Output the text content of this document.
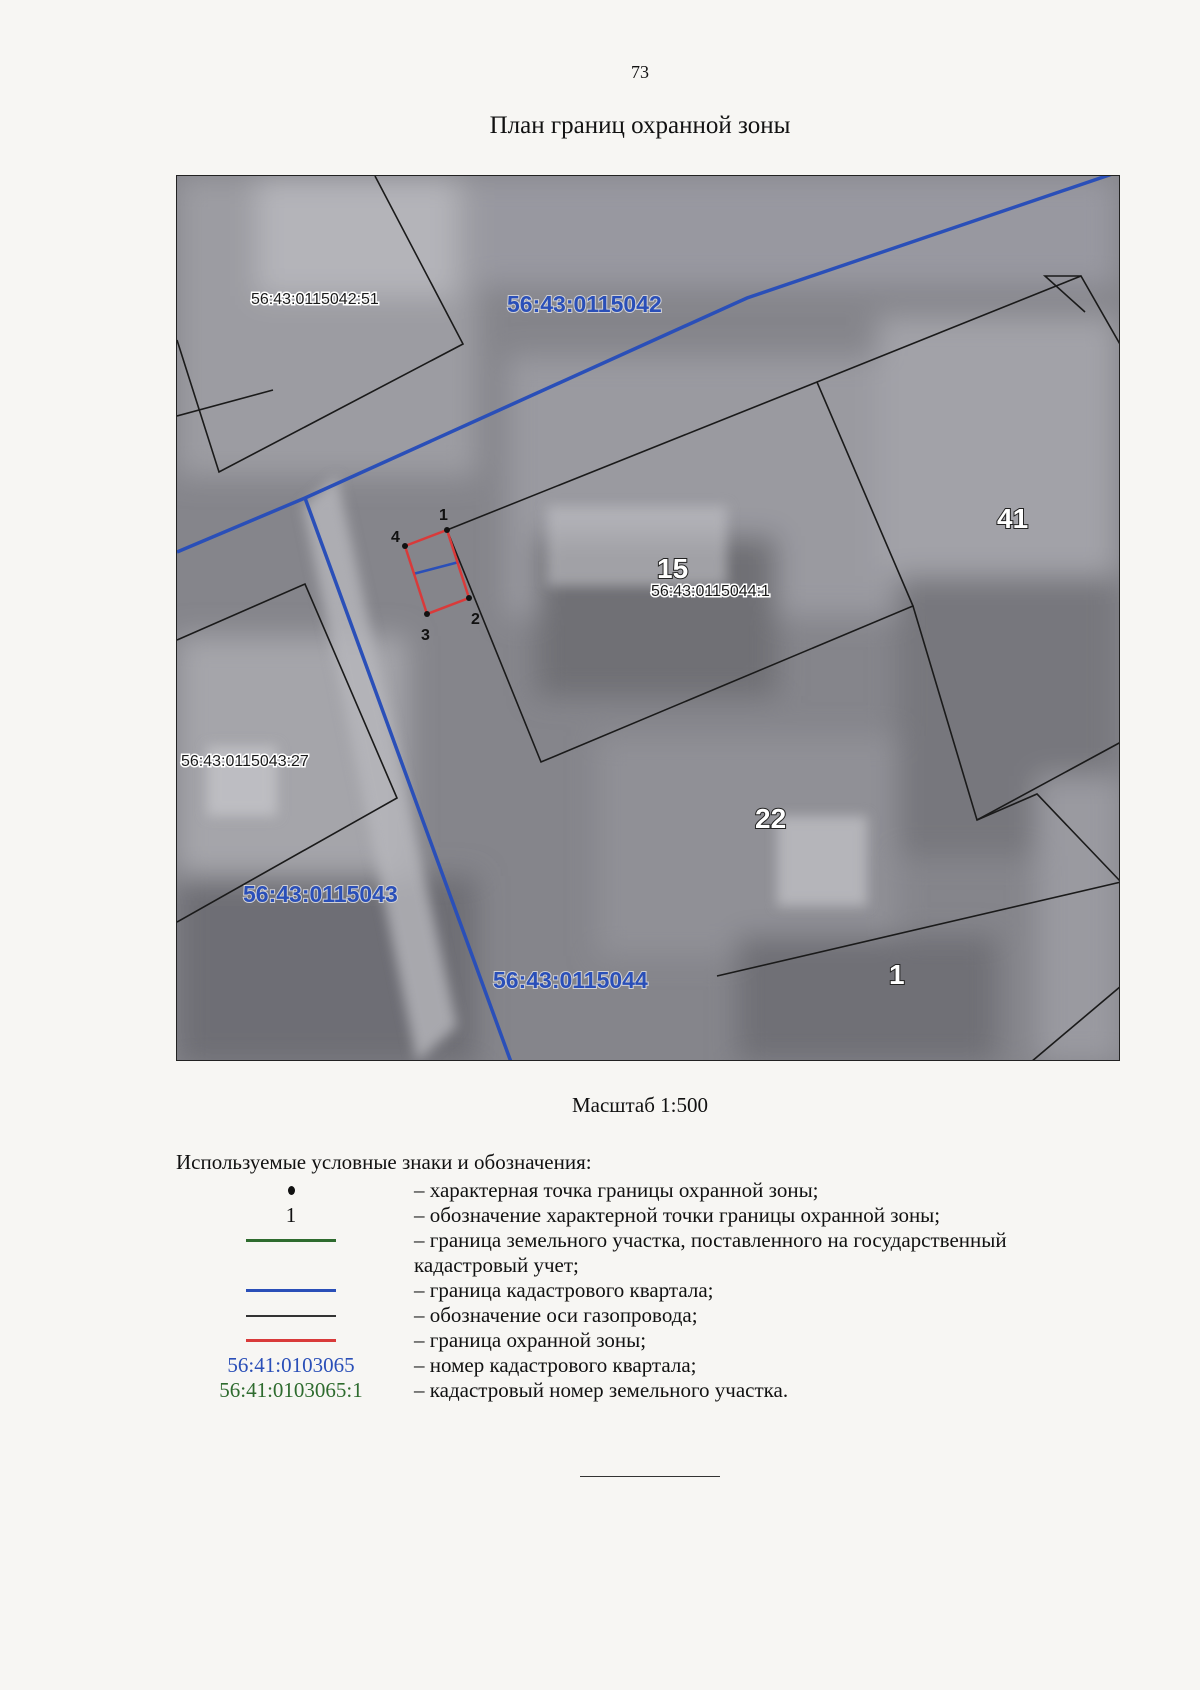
73
План границ охранной зоны
1
2
3
4
56:43:0115042:51
56:43:0115043:27
56:43:0115044:1
56:43:0115042
56:43:0115043
56:43:0115044
15
41
22
1
Масштаб 1:500
Используемые условные знаки и обозначения:
– характерная точка границы охранной зоны;
1	– обозначение характерной точки границы охранной зоны;
– граница земельного участка, поставленного на государственный кадастровый учет;
– граница кадастрового квартала;
– обозначение оси газопровода;
– граница охранной зоны;
56:41:0103065	– номер кадастрового квартала;
56:41:0103065:1	– кадастровый номер земельного участка.
